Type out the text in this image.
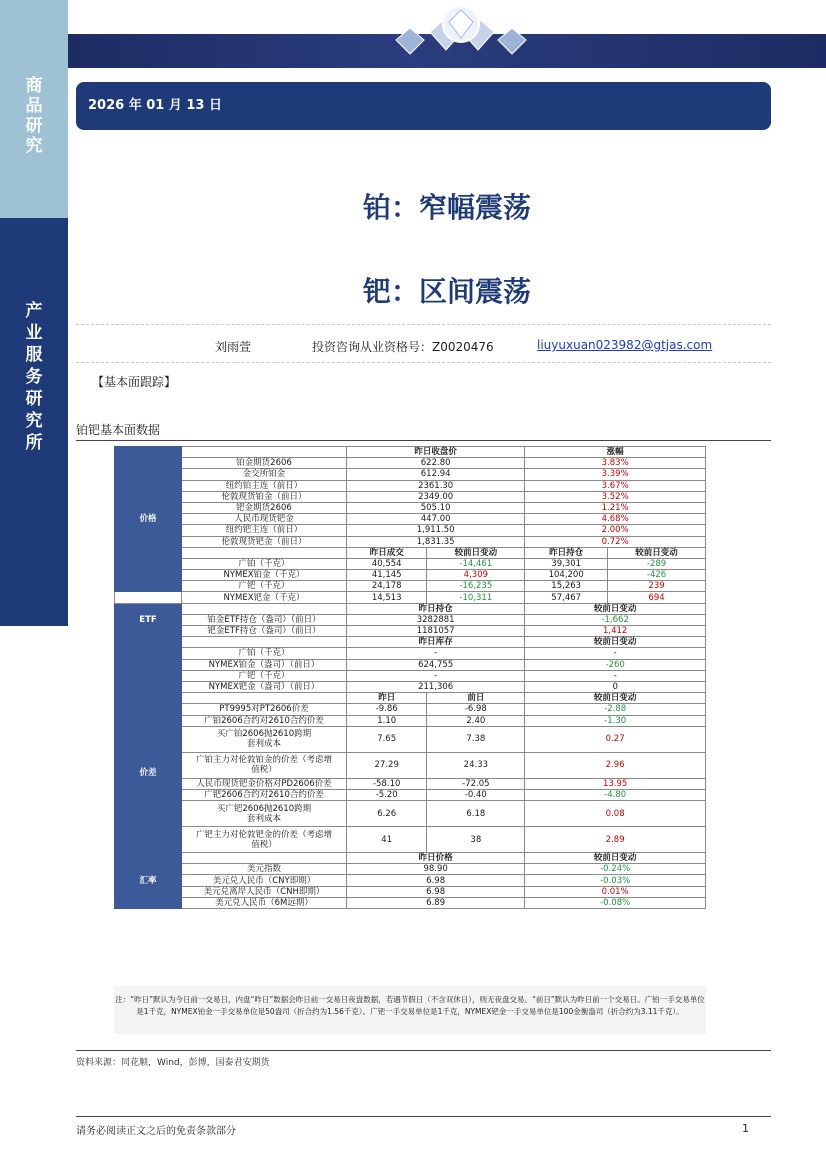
商
品
研
究
产
业
服
务
研
究
所
2026 年 01 月 13 日
铂：窄幅震荡
钯：区间震荡
刘雨萱	投资咨询从业资格号：Z0020476	liuyuxuan023982@gtjas.com
【基本面跟踪】
铂钯基本面数据
价格		昨日收盘价		涨幅	
	铂金期货2606	622.80		3.83%	
	金交所铂金	612.94		3.39%	
	纽约铂主连（前日）	2361.30		3.67%	
	伦敦现货铂金（前日）	2349.00		3.52%	
	钯金期货2606	505.10		1.21%	
	人民币现货钯金	447.00		4.68%	
	纽约钯主连（前日）	1,911.50		2.00%	
	伦敦现货钯金（前日）	1,831.35		0.72%	
		昨日成交	较前日变动	昨日持仓	较前日变动
	广铂（千克）	40,554	-14,461	39,301	-289
	NYMEX铂金（千克）	41,145	4,309	104,200	-426
	广钯（千克）	24,178	-16,235	15,263	239
	NYMEX钯金（千克）	14,513	-10,311	57,467	694
ETF		昨日持仓		较前日变动	
	铂金ETF持仓（盎司）（前日）	3282881		-1,662	
	钯金ETF持仓（盎司）（前日）	1181057		1,412	
		昨日库存		较前日变动	
	广铂（千克）	-		-	
	NYMEX铂金（盎司）（前日）	624,755		-260	
	广钯（千克）	-		-	
	NYMEX钯金（盎司）（前日）	211,306		0	
价差		昨日	前日	较前日变动	
	PT9995对PT2606价差	-9.86	-6.98	-2.88	
	广铂2606合约对2610合约价差	1.10	2.40	-1.30	
	买广铂2606抛2610跨期
套利成本	7.65	7.38	0.27	
	广铂主力对伦敦铂金的价差（考虑增
值税）	27.29	24.33	2.96	
	人民币现货钯金价格对PD2606价差	-58.10	-72.05	13.95	
	广钯2606合约对2610合约价差	-5.20	-0.40	-4.80	
	买广钯2606抛2610跨期
套利成本	6.26	6.18	0.08	
	广钯主力对伦敦钯金的价差（考虑增
值税）	41	38	2.89	
汇率		昨日价格		较前日变动	
	美元指数	98.90		-0.24%	
	美元兑人民币（CNY即期）	6.98		-0.03%	
	美元兑离岸人民币（CNH即期）	6.98		0.01%	
	美元兑人民币（6M远期）	6.89		-0.08%	
注：“昨日”默认为今日前一交易日，内盘“昨日”数据会昨日前一交易日夜盘数据，若遇节假日（不含双休日），则无夜盘交易。“前日”默认为昨日前一个交易日。广铂一手交易单位是1千克，NYMEX铂金一手交易单位是50盎司（折合约为1.56千克）。广钯一手交易单位是1千克，NYMEX钯金一手交易单位是100金衡盎司（折合约为3.11千克）。
资料来源：同花顺，Wind，彭博，国泰君安期货
请务必阅读正文之后的免责条款部分	1
